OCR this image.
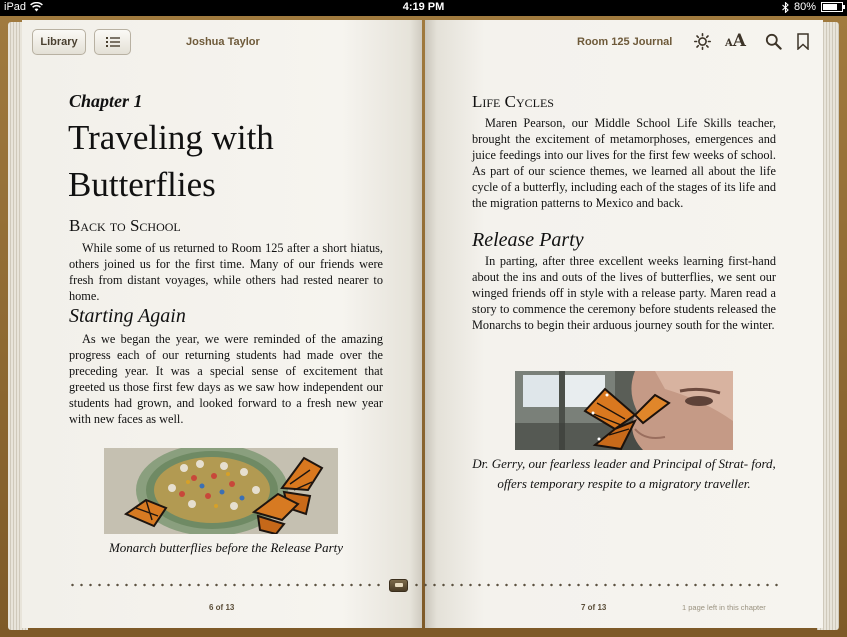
iPad	4:19 PM	80%
Library	Joshua Taylor	Room 125 Journal	AA
Chapter 1
Traveling with Butterflies
Back to School

While some of us returned to Room 125 after a short hiatus, others joined us for the first time. Many of our friends were fresh from distant voyages, while others had rested nearer to home.

Starting Again

As we began the year, we were reminded of the amazing progress each of our returning students had made over the preceding year. It was a special sense of excitement that greeted us those first few days as we saw how independent our students had grown, and looked forward to a fresh new year with new faces as well.

Monarch butterflies before the Release Party
Life Cycles

Maren Pearson, our Middle School Life Skills teacher, brought the excitement of metamorphoses, emergences and juice feedings into our lives for the first few weeks of school. As part of our science themes, we learned all about the life cycle of a butterfly, including each of the stages of its life and the migration patterns to Mexico and back.

Release Party

In parting, after three excellent weeks learning first-hand about the ins and outs of the lives of butterflies, we sent our winged friends off in style with a release party. Maren read a story to commence the ceremony before students released the Monarchs to begin their arduous journey south for the winter.

Dr. Gerry, our fearless leader and Principal of Strat- ford,
offers temporary respite to a migratory traveller.
6 of 13	7 of 13	1 page left in this chapter
